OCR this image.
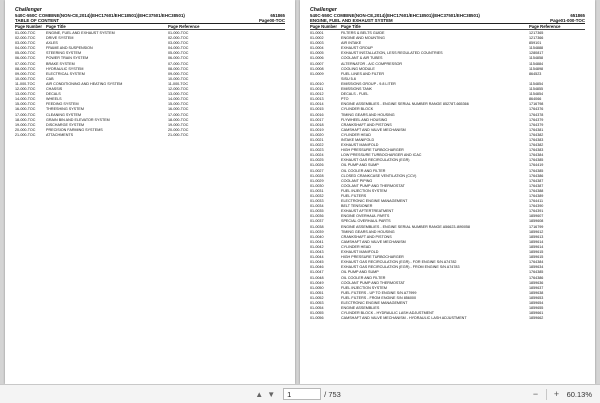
Challenger
540C-550C COMBINE(NON-CE,2014)(EHC17601/EHC18501)(EHC37501/EHC38501)	651865
TABLE OF CONTENT	Page00-TOC
Page Number Page Title	Page Reference
01-000-TOC	ENGINE, FUEL AND EXHAUST SYSTEM	01-000-TOC
02-000-TOC	DRIVE SYSTEM	02-000-TOC
03-000-TOC	AXLES	03-000-TOC
04-000-TOC	FRAME AND SUSPENSION	04-000-TOC
05-000-TOC	STEERING SYSTEM	05-000-TOC
06-000-TOC	POWER TRAIN SYSTEM	06-000-TOC
07-000-TOC	BRAKE SYSTEM	07-000-TOC
08-000-TOC	HYDRAULIC SYSTEM	08-000-TOC
09-000-TOC	ELECTRICAL SYSTEM	09-000-TOC
10-000-TOC	CAB	10-000-TOC
11-000-TOC	AIR CONDITIONING AND HEATING SYSTEM	11-000-TOC
12-000-TOC	CHASSIS	12-000-TOC
13-000-TOC	DECALS	13-000-TOC
14-000-TOC	WHEELS	14-000-TOC
15-000-TOC	FEEDING SYSTEM	15-000-TOC
16-000-TOC	THRESHING SYSTEM	16-000-TOC
17-000-TOC	CLEANING SYSTEM	17-000-TOC
18-000-TOC	GRAIN BIN AND ELEVATOR SYSTEM	18-000-TOC
19-000-TOC	DISCHARGE SYSTEM	19-000-TOC
20-000-TOC	PRECISION FARMING SYSTEMS	20-000-TOC
21-000-TOC	ATTACHMENTS	21-000-TOC
Challenger
540C-550C COMBINE(NON-CE,2014)(EHC17601/EHC18501)(EHC37501/EHC38501)	651865
ENGINE, FUEL AND EXHAUST SYSTEM	Page01-000-TOC
Page Number Page Title	Page Reference
01-0001	FILTERS & BELTS GUIDE	1217365
01-0002	ENGINE AND MOUNTING	1217366
01-0003	AIR INTAKE	859101
01-0004	EXHAUST GROUP	1154888
01-0005	EXHAUST INSTALLATION, LESS REGULATED COUNTRIES	1280817
01-0006	COOLANT & AIR TUBES	1154858
01-0007	ALTERNATOR - A/C COMPRESSOR	1154884
01-0008	COOLING MODULE	1154898
01-0009	FUEL LINES AND FILTER	864523
SISU 5-6
01-0010	EMISSIONS GROUP - 9.8 LITER	1154854
01-0011	EMISSIONS TANK	1154855
01-0012	DECALS - FUEL	1154854
01-0013	PTO	864066
01-0014	ENGINE ASSEMBLIES - ENGINE SERIAL NUMBER RANGE 85278T-665366	1716798
01-0015	CYLINDER BLOCK	1764376
01-0016	TIMING GEARS AND HOUSING	1764378
01-0017	FLYWHEEL AND HOUSING	1764379
01-0018	CRANKSHAFT AND PISTONS	1764379
01-0019	CAMSHAFT AND VALVE MECHANISM	1764381
01-0020	CYLINDER HEAD	1764382
01-0021	INTAKE MANIFOLD	1764383
01-0022	EXHAUST MANIFOLD	1764382
01-0023	HIGH PRESSURE TURBOCHARGER	1764383
01-0024	LOW PRESSURE TURBOCHARGER AND ICAC	1764384
01-0025	EXHAUST GAS RECIRCULATION (EGR)	1764385
01-0026	OIL PUMP AND SUMP	1764419
01-0027	OIL COOLER AND FILTER	1764385
01-0028	CLOSED CRANKCASE VENTILATION (CCV)	1764386
01-0029	COOLANT PIPING	1764387
01-0030	COOLANT PUMP AND THERMOSTAT	1764387
01-0031	FUEL INJECTION SYSTEM	1764388
01-0032	FUEL FILTERS	1764389
01-0033	ELECTRONIC ENGINE MANAGEMENT	1764411
01-0034	BELT TENSIONER	1764390
01-0035	EXHAUST AFTERTREATMENT	1764391
01-0036	ENGINE OVERHAUL PARTS	1859607
01-0037	SPECIAL OVERHAUL PARTS	1859608
01-0038	ENGINE ASSEMBLIES - ENGINE SERIAL NUMBER RANGE A56623-I890058	1716799
01-0039	TIMING GEARS AND HOUSING	1859612
01-0040	CRANKSHAFT AND PISTONS	1859613
01-0041	CAMSHAFT AND VALVE MECHANISM	1859614
01-0042	CYLINDER HEAD	1859614
01-0043	EXHAUST MANIFOLD	1859615
01-0044	HIGH PRESSURE TURBOCHARGER	1859615
01-0045	EXHAUST GAS RECIRCULATION (EGR) - FOR ENGINE S/N A74782	1764384
01-0046	EXHAUST GAS RECIRCULATION (EGR) - FROM ENGINE S/N A74783	1859634
01-0047	OIL PUMP AND SUMP	1764385
01-0048	OIL COOLER AND FILTER	1764386
01-0049	COOLANT PUMP AND THERMOSTAT	1859636
01-0050	FUEL INJECTION SYSTEM	1859637
01-0051	FUEL FILTERS - UP TO ENGINE S/N A77999	1859638
01-0052	FUEL FILTERS - FROM ENGINE S/N 856000	1859653
01-0053	ELECTRONIC ENGINE MANAGEMENT	1859654
01-0054	ENGINE ASSEMBLIES	1859655
01-0055	CYLINDER BLOCK - HYDRAULIC LASH ADJUSTMENT	1859661
01-0056	CAMSHAFT AND VALVE MECHANISM - HYDRAULIC LASH ADJUSTMENT	1859662
▲ ▼
1	/ 753	−	+ 60.13%
